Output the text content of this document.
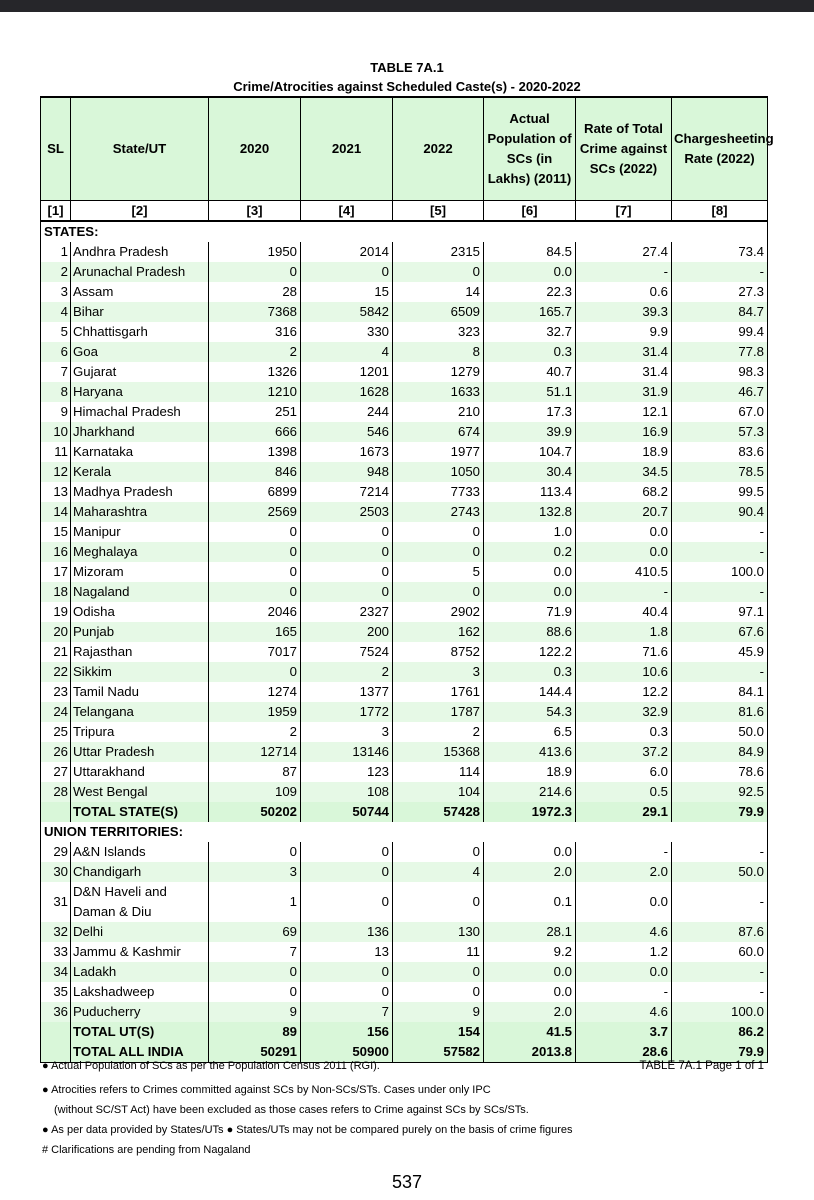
TABLE 7A.1
Crime/Atrocities against Scheduled Caste(s) - 2020-2022
SL	State/UT	2020	2021	2022	Actual Population of SCs (in Lakhs) (2011)	Rate of Total Crime against SCs (2022)	Chargesheeting Rate (2022)
[1]	[2]	[3]	[4]	[5]	[6]	[7]	[8]
STATES:							
1	Andhra Pradesh	1950	2014	2315	84.5	27.4	73.4
2	Arunachal Pradesh	0	0	0	0.0	-	-
3	Assam	28	15	14	22.3	0.6	27.3
4	Bihar	7368	5842	6509	165.7	39.3	84.7
5	Chhattisgarh	316	330	323	32.7	9.9	99.4
6	Goa	2	4	8	0.3	31.4	77.8
7	Gujarat	1326	1201	1279	40.7	31.4	98.3
8	Haryana	1210	1628	1633	51.1	31.9	46.7
9	Himachal Pradesh	251	244	210	17.3	12.1	67.0
10	Jharkhand	666	546	674	39.9	16.9	57.3
11	Karnataka	1398	1673	1977	104.7	18.9	83.6
12	Kerala	846	948	1050	30.4	34.5	78.5
13	Madhya Pradesh	6899	7214	7733	113.4	68.2	99.5
14	Maharashtra	2569	2503	2743	132.8	20.7	90.4
15	Manipur	0	0	0	1.0	0.0	-
16	Meghalaya	0	0	0	0.2	0.0	-
17	Mizoram	0	0	5	0.0	410.5	100.0
18	Nagaland	0	0	0	0.0	-	-
19	Odisha	2046	2327	2902	71.9	40.4	97.1
20	Punjab	165	200	162	88.6	1.8	67.6
21	Rajasthan	7017	7524	8752	122.2	71.6	45.9
22	Sikkim	0	2	3	0.3	10.6	-
23	Tamil Nadu	1274	1377	1761	144.4	12.2	84.1
24	Telangana	1959	1772	1787	54.3	32.9	81.6
25	Tripura	2	3	2	6.5	0.3	50.0
26	Uttar Pradesh	12714	13146	15368	413.6	37.2	84.9
27	Uttarakhand	87	123	114	18.9	6.0	78.6
28	West Bengal	109	108	104	214.6	0.5	92.5
	TOTAL STATE(S)	50202	50744	57428	1972.3	29.1	79.9
UNION TERRITORIES:							
29	A&N Islands	0	0	0	0.0	-	-
30	Chandigarh	3	0	4	2.0	2.0	50.0
31	D&N Haveli and Daman & Diu	1	0	0	0.1	0.0	-
32	Delhi	69	136	130	28.1	4.6	87.6
33	Jammu & Kashmir	7	13	11	9.2	1.2	60.0
34	Ladakh	0	0	0	0.0	0.0	-
35	Lakshadweep	0	0	0	0.0	-	-
36	Puducherry	9	7	9	2.0	4.6	100.0
	TOTAL UT(S)	89	156	154	41.5	3.7	86.2
	TOTAL ALL INDIA	50291	50900	57582	2013.8	28.6	79.9
● Actual Population of SCs as per the Population Census 2011 (RGI).	TABLE 7A.1 Page 1 of 1
● Atrocities refers to Crimes committed against SCs by Non-SCs/STs. Cases under only IPC
(without SC/ST Act) have been excluded as those cases refers to Crime against SCs by SCs/STs.
● As per data provided by States/UTs ● States/UTs may not be compared purely on the basis of crime figures
# Clarifications are pending from Nagaland
537
